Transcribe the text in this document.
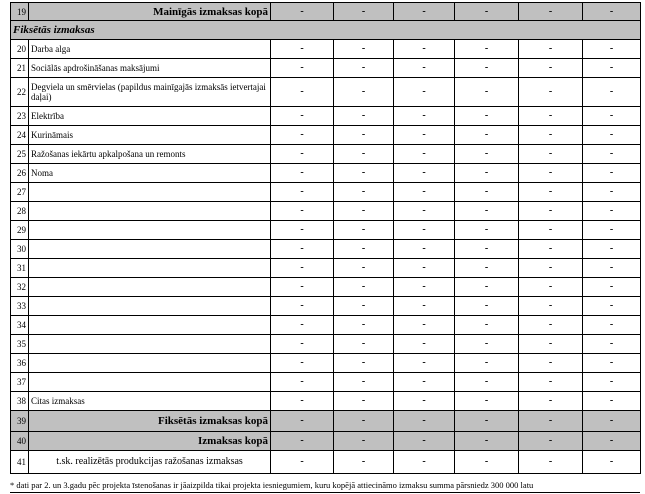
19	Mainīgās izmaksas kopā	-	-	-	-	-	-
Fiksētās izmaksas							
20	Darba alga	-	-	-	-	-	-
21	Sociālās apdrošināšanas maksājumi	-	-	-	-	-	-
22	Degviela un smērvielas (papildus mainīgajās izmaksās ietvertajai daļai)	-	-	-	-	-	-
23	Elektrība	-	-	-	-	-	-
24	Kurināmais	-	-	-	-	-	-
25	Ražošanas iekārtu apkalpošana un remonts	-	-	-	-	-	-
26	Noma	-	-	-	-	-	-
27		-	-	-	-	-	-
28		-	-	-	-	-	-
29		-	-	-	-	-	-
30		-	-	-	-	-	-
31		-	-	-	-	-	-
32		-	-	-	-	-	-
33		-	-	-	-	-	-
34		-	-	-	-	-	-
35		-	-	-	-	-	-
36		-	-	-	-	-	-
37		-	-	-	-	-	-
38	Citas izmaksas	-	-	-	-	-	-
39	Fiksētās izmaksas kopā	-	-	-	-	-	-
40	Izmaksas kopā	-	-	-	-	-	-
41	t.sk. realizētās produkcijas ražošanas izmaksas	-	-	-	-	-	-
* dati par 2. un 3.gadu pēc projekta īstenošanas ir jāaizpilda tikai projekta iesniegumiem, kuru kopējā attiecināmo izmaksu summa pārsniedz 300 000 latu
